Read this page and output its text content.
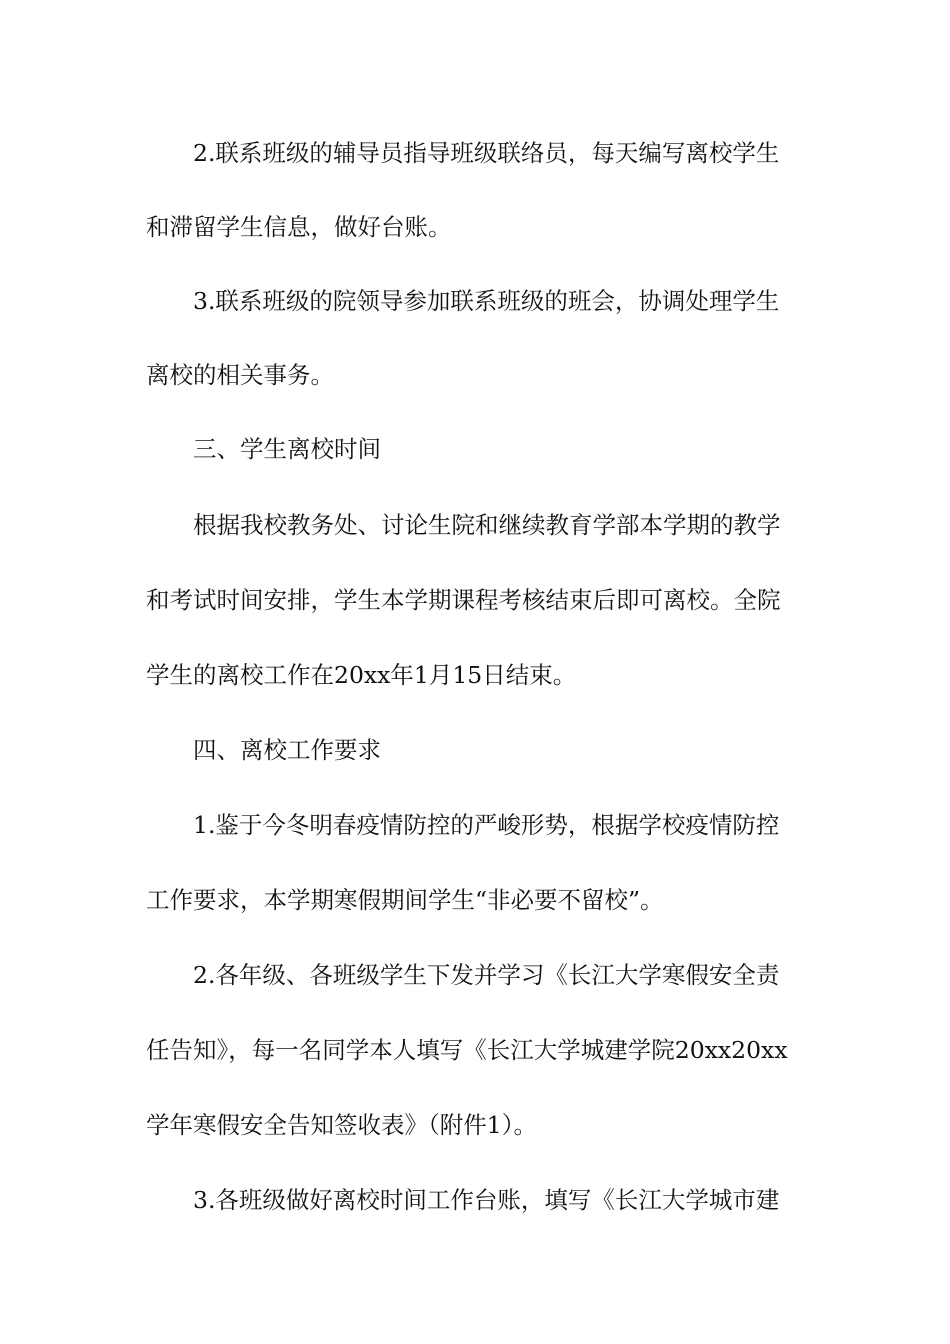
2.联系班级的辅导员指导班级联络员，每天编写离校学生
和滞留学生信息，做好台账。
3.联系班级的院领导参加联系班级的班会，协调处理学生
离校的相关事务。
三、学生离校时间
根据我校教务处、讨论生院和继续教育学部本学期的教学
和考试时间安排，学生本学期课程考核结束后即可离校。全院
学生的离校工作在20xx年1月15日结束。
四、离校工作要求
1.鉴于今冬明春疫情防控的严峻形势，根据学校疫情防控
工作要求，本学期寒假期间学生“非必要不留校”。
2.各年级、各班级学生下发并学习《长江大学寒假安全责
任告知》，每一名同学本人填写《长江大学城建学院20xx20xx
学年寒假安全告知签收表》（附件1）。
3.各班级做好离校时间工作台账，填写《长江大学城市建
